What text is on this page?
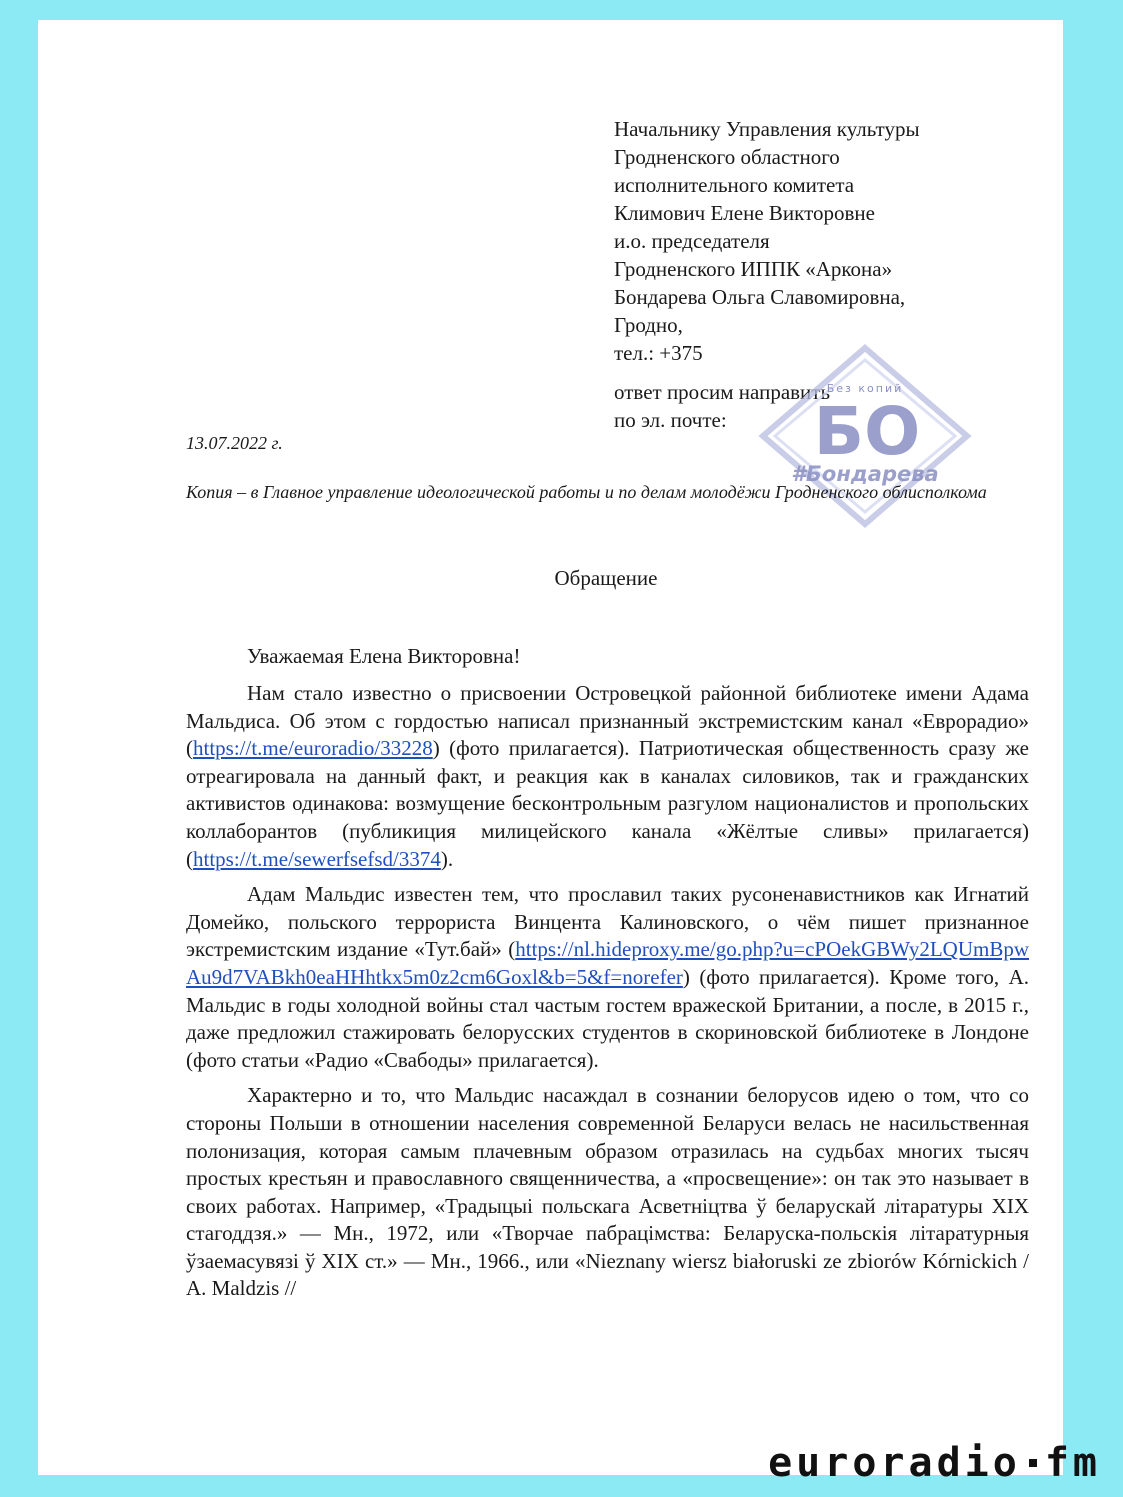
Начальнику Управления культуры
Гродненского областного
исполнительного комитета
Климович Елене Викторовне
и.о. председателя
Гродненского ИППК «Аркона»
Бондарева Ольга Славомировна,
Гродно,
тел.: +375
ответ просим направить
по эл. почте:
Без копий
БО
#Бондарева
13.07.2022 г.
Копия – в Главное управление идеологической работы и по делам молодёжи Гродненского облисполкома
Обращение
Уважаемая Елена Викторовна!

Нам стало известно о присвоении Островецкой районной библиотеке имени Адама Мальдиса. Об этом с гордостью написал признанный экстремистским канал «Еврорадио» (https://t.me/euroradio/33228) (фото прилагается). Патриотическая общественность сразу же отреагировала на данный факт, и реакция как в каналах силовиков, так и гражданских активистов одинакова: возмущение бесконтрольным разгулом националистов и пропольских коллаборантов (публикиция милицейского канала «Жёлтые сливы» прилагается) (https://t.me/sewerfsefsd/3374).

Адам Мальдис известен тем, что прославил таких русоненавистников как Игнатий Домейко, польского террориста Винцента Калиновского, о чём пишет признанное экстремистским издание «Тут.бай» (https://nl.hideproxy.me/go.php?u=cPOekGBWy2LQUmBpwAu9d7VABkh0eaHHhtkx5m0z2cm6Goxl&b=5&f=norefer) (фото прилагается). Кроме того, А. Мальдис в годы холодной войны стал частым гостем вражеской Британии, а после, в 2015 г., даже предложил стажировать белорусских студентов в скориновской библиотеке в Лондоне (фото статьи «Радио «Свабоды» прилагается).

Характерно и то, что Мальдис насаждал в сознании белорусов идею о том, что со стороны Польши в отношении населения современной Беларуси велась не насильственная полонизация, которая самым плачевным образом отразилась на судьбах многих тысяч простых крестьян и православного священничества, а «просвещение»: он так это называет в своих работах. Например, «Традыцыі польскага Асветніцтва ў беларускай літаратуры XIX стагоддзя.» — Мн., 1972, или «Творчае пабрацімства: Беларуска-польскія літаратурныя ўзаемасувязі ў XIX ст.» — Мн., 1966., или «Nieznany wiersz białoruski ze zbiorów Kórnickich / A. Maldzis //

euroradio fm
